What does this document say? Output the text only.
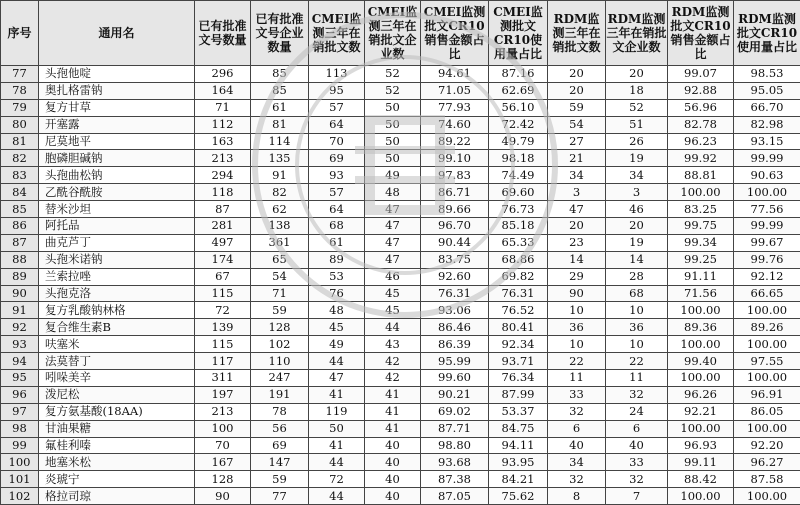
序号	通用名	已有批准文号数量	已有批准文号企业数量	CMEI监测三年在销批文数	CMEI监测三年在销批文企业数	CMEI监测批文CR10销售金额占比	CMEI监测批文CR10使用量占比	RDM监测三年在销批文数	RDM监测三年在销批文企业数	RDM监测批文CR10销售金额占比	RDM监测批文CR10使用量占比
77	头孢他啶	296	85	113	52	94.61	87.16	20	20	99.07	98.53
78	奥扎格雷钠	164	85	95	52	71.05	62.69	20	18	92.88	95.05
79	复方甘草	71	61	57	50	77.93	56.10	59	52	56.96	66.70
80	开塞露	112	81	64	50	74.60	72.42	54	51	82.78	82.98
81	尼莫地平	163	114	70	50	89.22	49.79	27	26	96.23	93.15
82	胞磷胆碱钠	213	135	69	50	99.10	98.18	21	19	99.92	99.99
83	头孢曲松钠	294	91	93	49	97.83	74.49	34	34	88.81	90.63
84	乙酰谷酰胺	118	82	57	48	86.71	69.60	3	3	100.00	100.00
85	替米沙坦	87	62	64	47	89.66	76.73	47	46	83.25	77.56
86	阿托品	281	138	68	47	96.70	85.18	20	20	99.75	99.99
87	曲克芦丁	497	361	61	47	90.44	65.33	23	19	99.34	99.67
88	头孢米诺钠	174	65	89	47	83.75	68.86	14	14	99.25	99.76
89	兰索拉唑	67	54	53	46	92.60	69.82	29	28	91.11	92.12
90	头孢克洛	115	71	76	45	76.31	76.31	90	68	71.56	66.65
91	复方乳酸钠林格	72	59	48	45	93.06	76.52	10	10	100.00	100.00
92	复合维生素B	139	128	45	44	86.46	80.41	36	36	89.36	89.26
93	呋塞米	115	102	49	43	86.39	92.34	10	10	100.00	100.00
94	法莫替丁	117	110	44	42	95.99	93.71	22	22	99.40	97.55
95	吲哚美辛	311	247	47	42	99.60	76.34	11	11	100.00	100.00
96	泼尼松	197	191	41	41	90.21	87.99	33	32	96.26	96.91
97	复方氨基酸(18AA)	213	78	119	41	69.02	53.37	32	24	92.21	86.05
98	甘油果糖	100	56	50	41	87.71	84.75	6	6	100.00	100.00
99	氟桂利嗪	70	69	41	40	98.80	94.11	40	40	96.93	92.20
100	地塞米松	167	147	44	40	93.68	93.95	34	33	99.11	96.27
101	炎琥宁	128	59	72	40	87.38	84.21	32	32	88.42	87.58
102	格拉司琼	90	77	44	40	87.05	75.62	8	7	100.00	100.00
